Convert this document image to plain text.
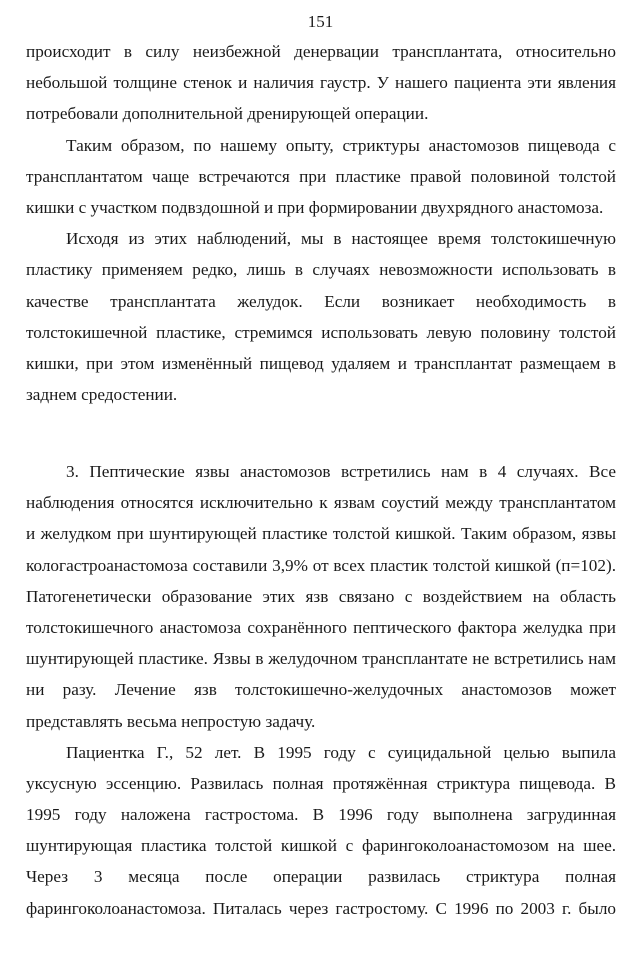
151
происходит в силу неизбежной денервации трансплантата, относительно
небольшой толщине стенок и наличия гаустр. У нашего пациента эти явления
потребовали дополнительной дренирующей операции.
Таким образом, по нашему опыту, стриктуры анастомозов пищевода с
трансплантатом чаще встречаются при пластике правой половиной толстой
кишки с участком подвздошной и при формировании двухрядного анастомоза.
Исходя из этих наблюдений, мы в настоящее время толстокишечную
пластику применяем редко, лишь в случаях невозможности использовать в
качестве трансплантата желудок. Если возникает необходимость в
толстокишечной пластике, стремимся использовать левую половину толстой
кишки, при этом изменённый пищевод удаляем и трансплантат размещаем в
заднем средостении.
3. Пептические язвы анастомозов встретились нам в 4 случаях. Все
наблюдения относятся исключительно к язвам соустий между трансплантатом
и желудком при шунтирующей пластике толстой кишкой. Таким образом, язвы
кологастроанастомоза составили 3,9% от всех пластик толстой кишкой (п=102).
Патогенетически образование этих язв связано с воздействием на область
толстокишечного анастомоза сохранённого пептического фактора желудка при
шунтирующей пластике. Язвы в желудочном трансплантате не встретились нам
ни разу. Лечение язв толстокишечно-желудочных анастомозов может
представлять весьма непростую задачу.
Пациентка Г., 52 лет. В 1995 году с суицидальной целью выпила
уксусную эссенцию. Развилась полная протяжённая стриктура пищевода. В
1995 году наложена гастростома. В 1996 году выполнена загрудинная
шунтирующая пластика толстой кишкой с фарингоколоанастомозом на шее.
Через 3 месяца после операции развилась стриктура полная
фарингоколоанастомоза. Питалась через гастростому. С 1996 по 2003 г. было
